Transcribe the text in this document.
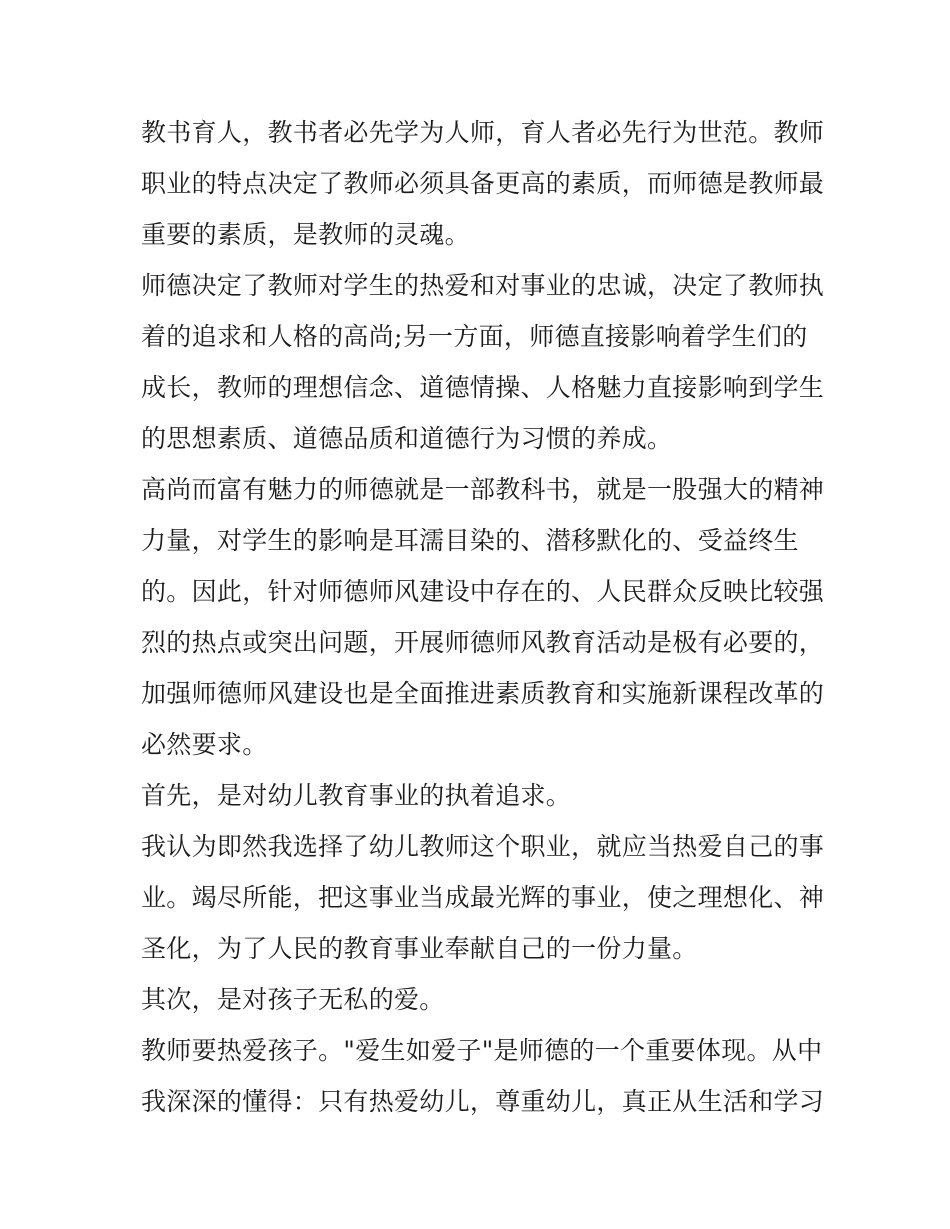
教书育人，教书者必先学为人师，育人者必先行为世范。教师
职业的特点决定了教师必须具备更高的素质，而师德是教师最
重要的素质，是教师的灵魂。
师德决定了教师对学生的热爱和对事业的忠诚，决定了教师执
着的追求和人格的高尚;另一方面，师德直接影响着学生们的
成长，教师的理想信念、道德情操、人格魅力直接影响到学生
的思想素质、道德品质和道德行为习惯的养成。
高尚而富有魅力的师德就是一部教科书，就是一股强大的精神
力量，对学生的影响是耳濡目染的、潜移默化的、受益终生
的。因此，针对师德师风建设中存在的、人民群众反映比较强
烈的热点或突出问题，开展师德师风教育活动是极有必要的，
加强师德师风建设也是全面推进素质教育和实施新课程改革的
必然要求。
首先，是对幼儿教育事业的执着追求。
我认为即然我选择了幼儿教师这个职业，就应当热爱自己的事
业。竭尽所能，把这事业当成最光辉的事业，使之理想化、神
圣化，为了人民的教育事业奉献自己的一份力量。
其次，是对孩子无私的爱。
教师要热爱孩子。"爱生如爱子"是师德的一个重要体现。从中
我深深的懂得：只有热爱幼儿，尊重幼儿，真正从生活和学习
